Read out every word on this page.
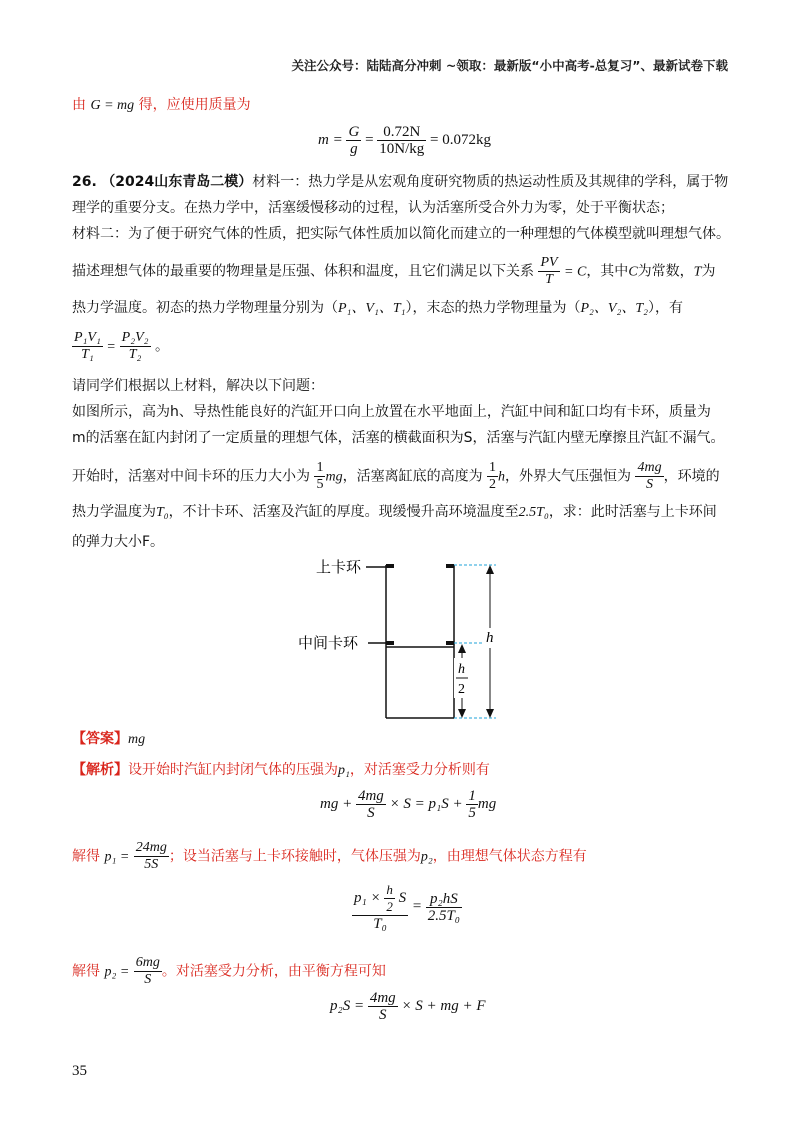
关注公众号：陆陆高分冲刺 ~领取：最新版“小中高考-总复习”、最新试卷下载
由 G = mg 得，应使用质量为
$m = \frac{G}{g} = \frac{0.72N}{10N/kg} = 0.072kg$
26. （2024山东青岛二模）材料一：热力学是从宏观角度研究物质的热运动性质及其规律的学科，属于物
理学的重要分支。在热力学中，活塞缓慢移动的过程，认为活塞所受合外力为零，处于平衡状态；
材料二：为了便于研究气体的性质，把实际气体性质加以简化而建立的一种理想的气体模型就叫理想气体。
描述理想气体的最重要的物理量是压强、体积和温度，且它们满足以下关系 $\frac{PV}{T} = C$，其中C为常数，T为
热力学温度。初态的热力学物理量分别为（P₁、V₁、T₁），末态的热力学物理量为（P₂、V₂、T₂），有
$\frac{\text{P₁V₁}}{\text{T₁}} = \frac{\text{P₂V₂}}{\text{T₂}}$ 。
请同学们根据以上材料，解决以下问题：
如图所示，高为h、导热性能良好的汽缸开口向上放置在水平地面上，汽缸中间和缸口均有卡环，质量为
m的活塞在缸内封闭了一定质量的理想气体，活塞的横截面积为S，活塞与汽缸内壁无摩擦且汽缸不漏气。
开始时，活塞对中间卡环的压力大小为 $\frac{1}{5}$ mg，活塞离缸底的高度为 $\frac{1}{2}$ h，外界大气压强恒为 $\frac{4mg}{S}$ ，环境的
热力学温度为T₀，不计卡环、活塞及汽缸的厚度。现缓慢升高环境温度至2.5T₀，求：此时活塞与上卡环间
的弹力大小F。
上卡环
中间卡环	h
h
2
【答案】mg
【解析】设开始时汽缸内封闭气体的压强为p₁，对活塞受力分析则有
mg + $\frac{4mg}{S} \times S = p_1S + \frac{1}{5}$ mg
解得 $p_1 = \frac{24mg}{5S}$ ；设当活塞与上卡环接触时，气体压强为p₂，由理想气体状态方程有
$\frac{p_1 \times \frac{h}{2} S}{\text{T₀}} = \frac{\text{p₂hS}}{\text{2.5T₀}}$
解得 $p_2 = \frac{6mg}{S}$ 。对活塞受力分析，由平衡方程可知
$p_2S = \frac{4mg}{S} \times S$ + mg + F
35
